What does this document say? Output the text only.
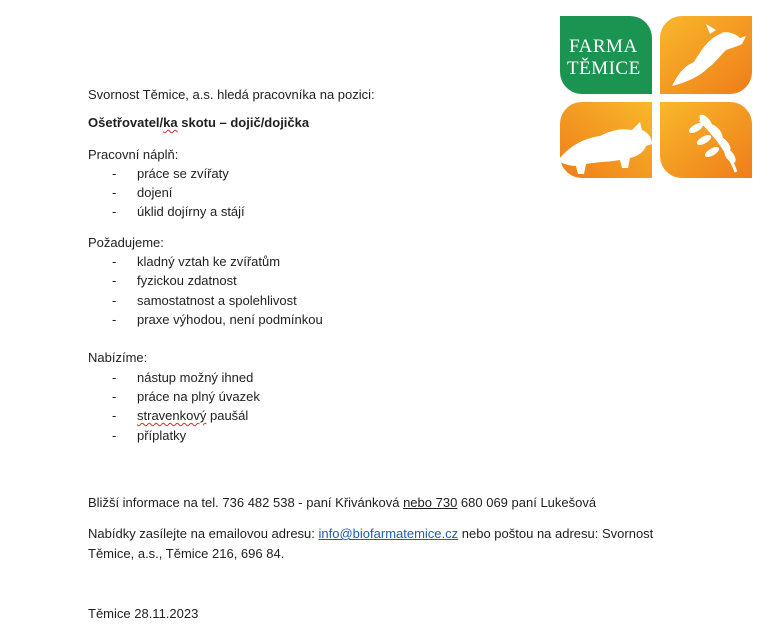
FARMA
TĚMICE
Svornost Těmice, a.s. hledá pracovníka na pozici:
Ošetřovatel/ka skotu – dojič/dojička
Pracovní náplň:
- práce se zvířaty
- dojení
- úklid dojírny a stájí
Požadujeme:
- kladný vztah ke zvířatům
- fyzickou zdatnost
- samostatnost a spolehlivost
- praxe výhodou, není podmínkou
Nabízíme:
- nástup možný ihned
- práce na plný úvazek
- stravenkový paušál
- příplatky
Bližší informace na tel. 736 482 538 - paní Křivánková nebo 730 680 069 paní Lukešová
Nabídky zasílejte na emailovou adresu: info@biofarmatemice.cz nebo poštou na adresu: Svornost
Těmice, a.s., Těmice 216, 696 84.
Těmice 28.11.2023
